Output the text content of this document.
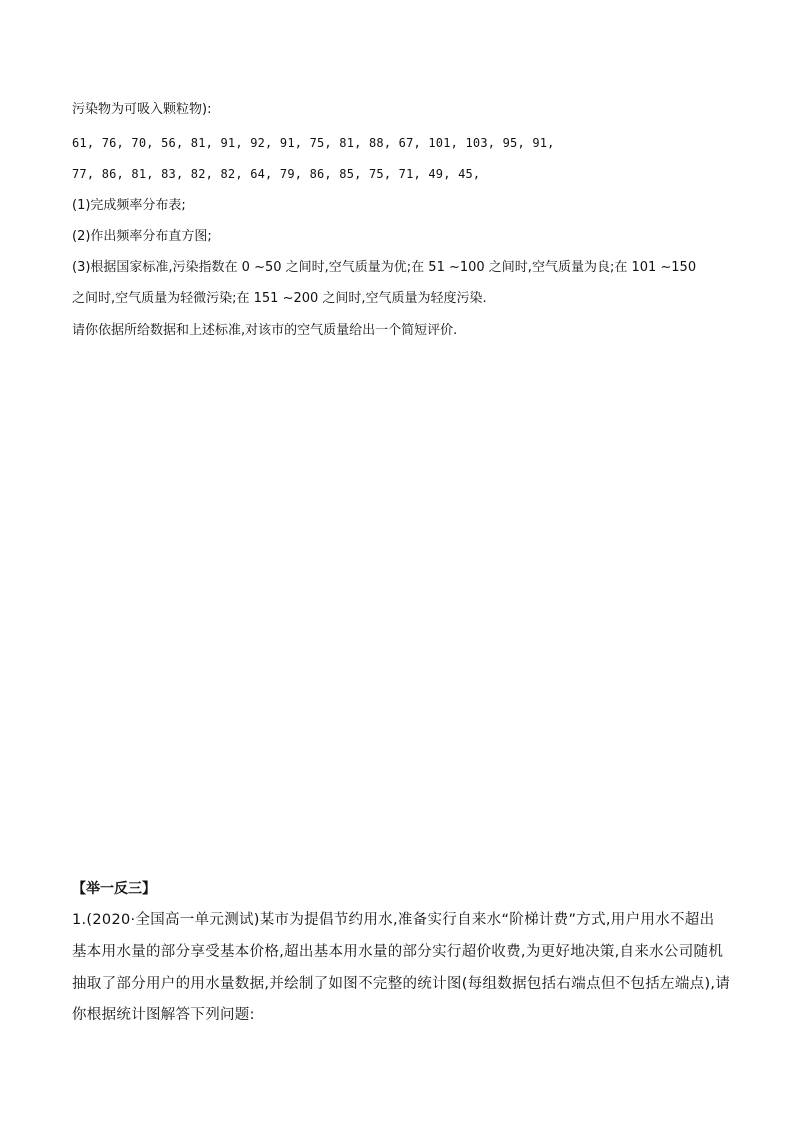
污染物为可吸入颗粒物):
61, 76, 70, 56, 81, 91, 92, 91, 75, 81, 88, 67, 101, 103, 95, 91,
77, 86, 81, 83, 82, 82, 64, 79, 86, 85, 75, 71, 49, 45,
(1)完成频率分布表;
(2)作出频率分布直方图;
(3)根据国家标准,污染指数在 0 ~50 之间时,空气质量为优;在 51 ~100 之间时,空气质量为良;在 101 ~150
之间时,空气质量为轻微污染;在 151 ~200 之间时,空气质量为轻度污染.
请你依据所给数据和上述标准,对该市的空气质量给出一个简短评价.
【举一反三】
1.(2020·全国高一单元测试)某市为提倡节约用水,准备实行自来水“阶梯计费”方式,用户用水不超出
基本用水量的部分享受基本价格,超出基本用水量的部分实行超价收费,为更好地决策,自来水公司随机
抽取了部分用户的用水量数据,并绘制了如图不完整的统计图(每组数据包括右端点但不包括左端点),请
你根据统计图解答下列问题:
